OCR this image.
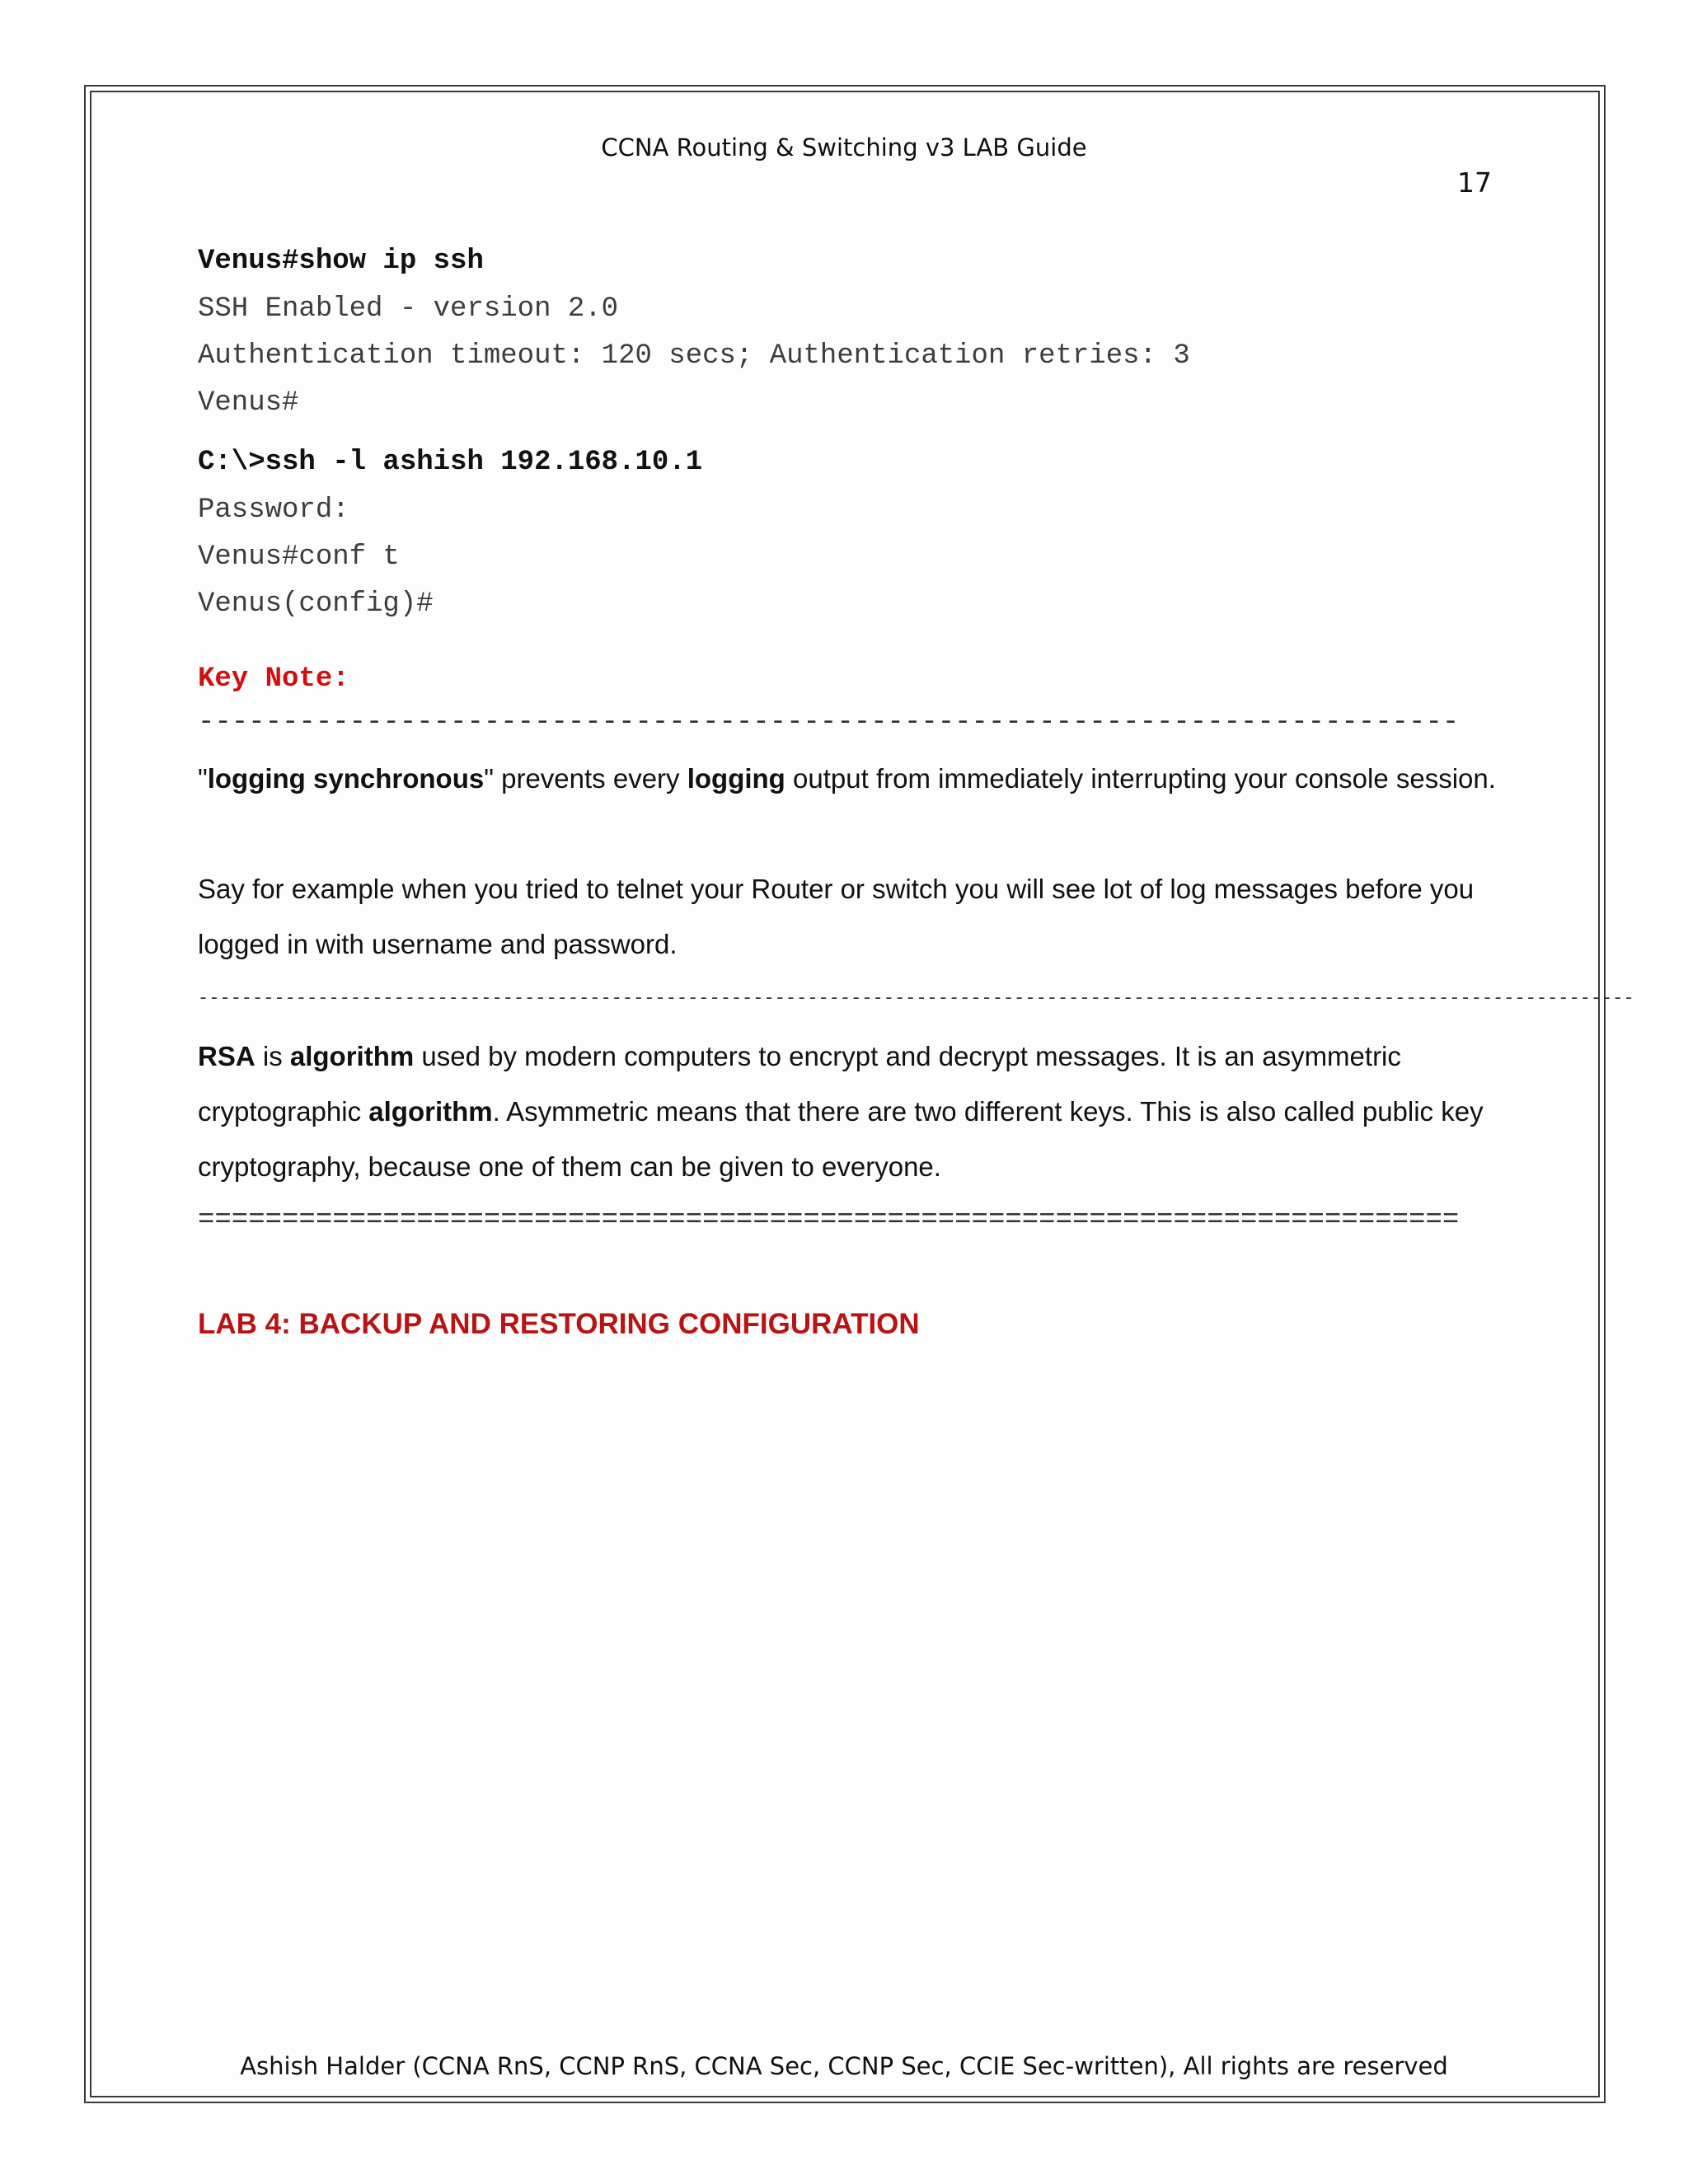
CCNA Routing & Switching v3 LAB Guide
17
Venus#show ip ssh
SSH Enabled - version 2.0
Authentication timeout: 120 secs; Authentication retries: 3
Venus#
C:\>ssh -l ashish 192.168.10.1
Password:
Venus#conf t
Venus(config)#
Key Note:
---------------------------------------------------------------------------

"logging synchronous" prevents every logging output from immediately interrupting your console session.

Say for example when you tried to telnet your Router or switch you will see lot of log messages before you logged in with username and password.

------------------------------------------------------------------------------------------------------------------------------------

RSA is algorithm used by modern computers to encrypt and decrypt messages. It is an asymmetric cryptographic algorithm. Asymmetric means that there are two different keys. This is also called public key cryptography, because one of them can be given to everyone.

===========================================================================
LAB 4: BACKUP AND RESTORING CONFIGURATION
Ashish Halder (CCNA RnS, CCNP RnS, CCNA Sec, CCNP Sec, CCIE Sec-written), All rights are reserved
